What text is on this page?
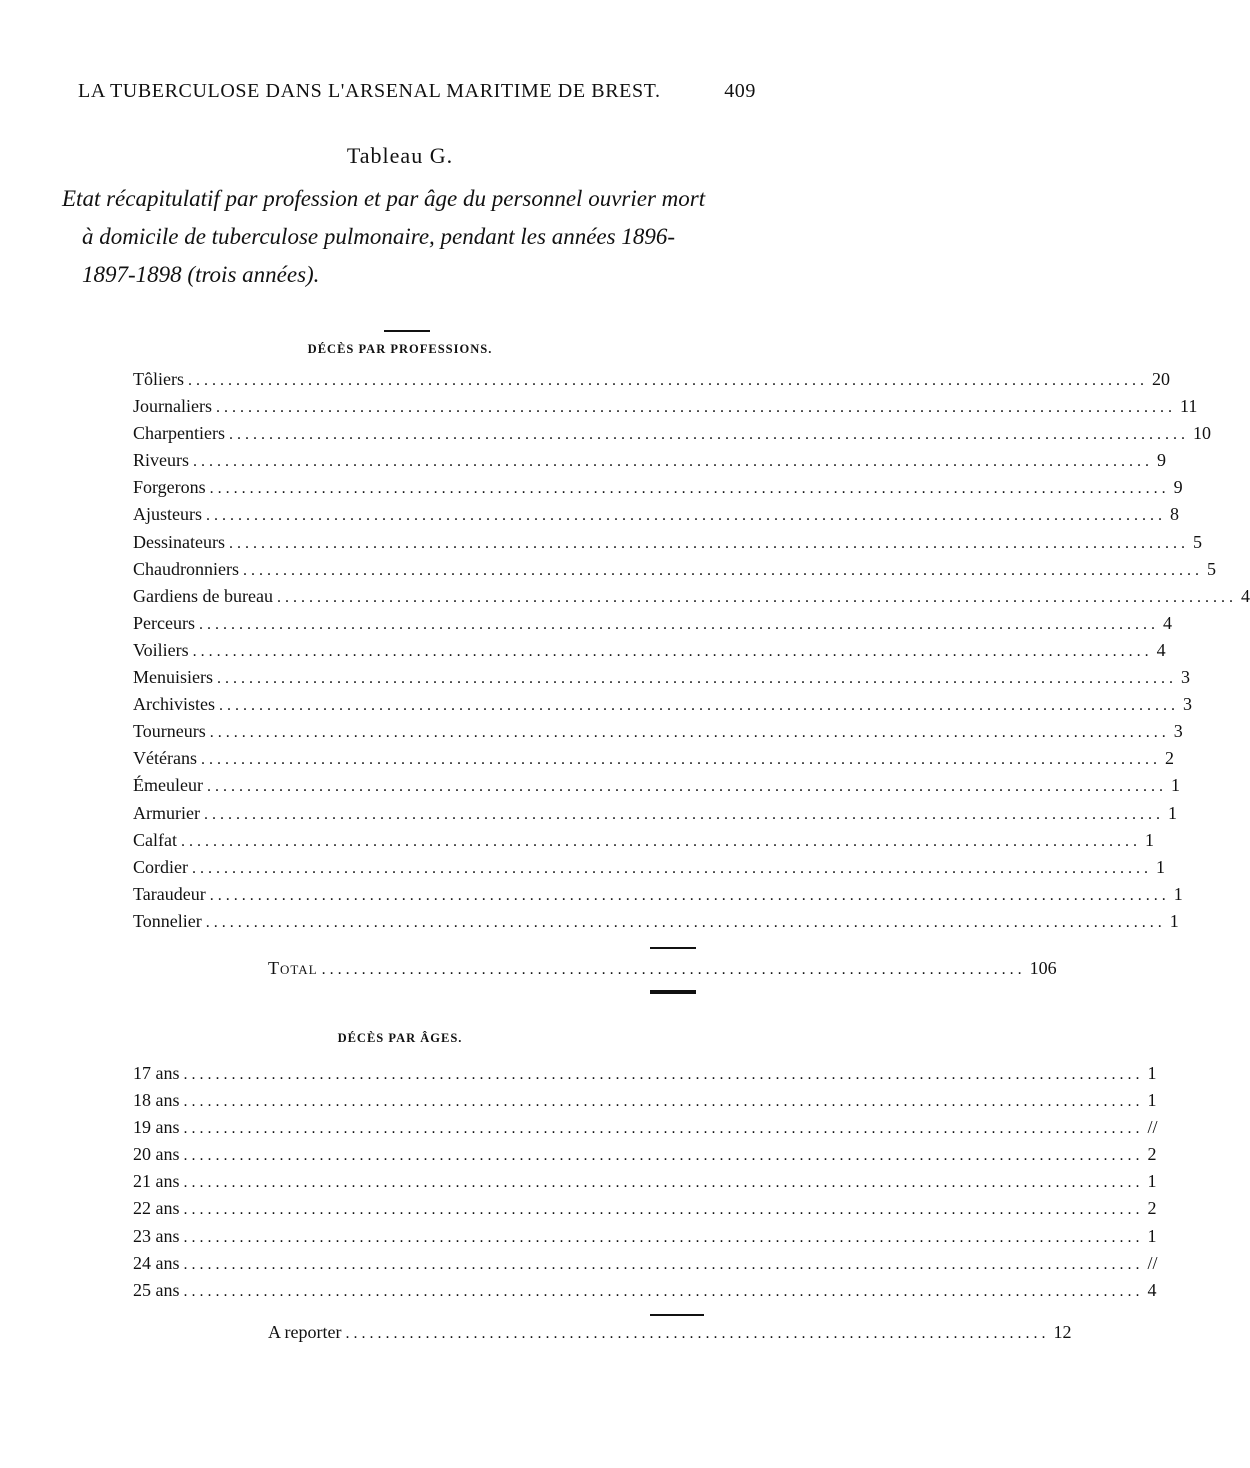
LA TUBERCULOSE DANS L'ARSENAL MARITIME DE BREST.	409
Tableau G.
Etat récapitulatif par profession et par âge du personnel ouvrier mort
à domicile de tuberculose pulmonaire, pendant les années 1896-
1897-1898 (trois années).
DÉCÈS PAR PROFESSIONS.
Tôliers ........................................................................................................................ 20
Journaliers ........................................................................................................................ 11
Charpentiers ........................................................................................................................ 10
Riveurs ........................................................................................................................ 9
Forgerons ........................................................................................................................ 9
Ajusteurs ........................................................................................................................ 8
Dessinateurs ........................................................................................................................ 5
Chaudronniers ........................................................................................................................ 5
Gardiens de bureau ........................................................................................................................ 4
Perceurs ........................................................................................................................ 4
Voiliers ........................................................................................................................ 4
Menuisiers ........................................................................................................................ 3
Archivistes ........................................................................................................................ 3
Tourneurs ........................................................................................................................ 3
Vétérans ........................................................................................................................ 2
Émeuleur ........................................................................................................................ 1
Armurier ........................................................................................................................ 1
Calfat ........................................................................................................................ 1
Cordier ........................................................................................................................ 1
Taraudeur ........................................................................................................................ 1
Tonnelier ........................................................................................................................ 1
Total ........................................................................................ 106
DÉCÈS PAR ÂGES.
17 ans ........................................................................................................................ 1
18 ans ........................................................................................................................ 1
19 ans ........................................................................................................................ //
20 ans ........................................................................................................................ 2
21 ans ........................................................................................................................ 1
22 ans ........................................................................................................................ 2
23 ans ........................................................................................................................ 1
24 ans ........................................................................................................................ //
25 ans ........................................................................................................................ 4
A reporter ........................................................................................ 12
